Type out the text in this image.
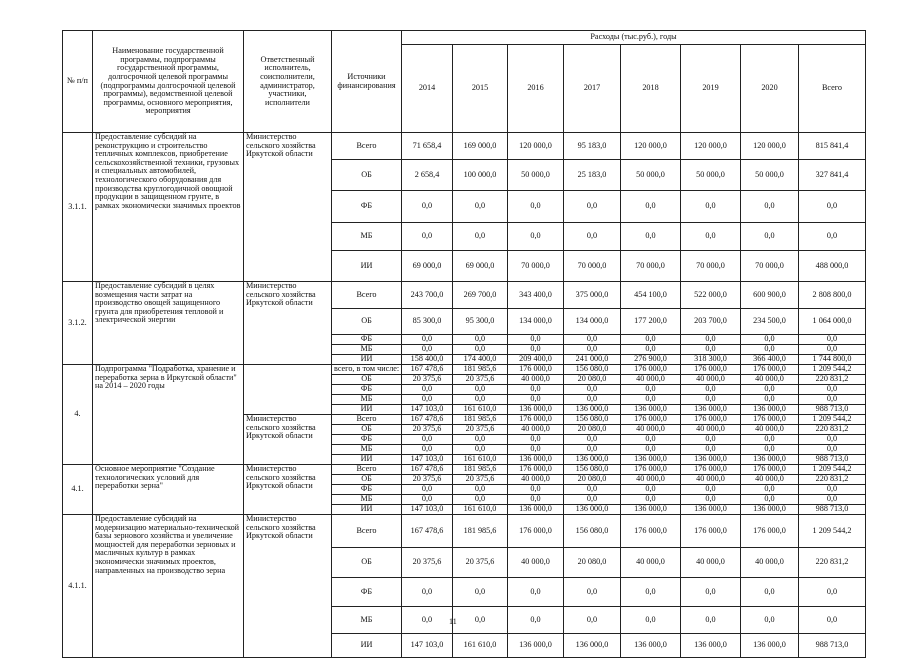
№ п/п	Наименование государственной программы, подпрограммы государственной программы, долгосрочной целевой программы (подпрограммы долгосрочной целевой программы), ведомственной целевой программы, основного мероприятия, мероприятия	Ответственный исполнитель, соисполнители, администратор, участники, исполнители	Источники финансирования	Расходы (тыс.руб.), годы							
				2014	2015	2016	2017	2018	2019	2020	Всего
3.1.1.	Предоставление субсидий на реконструкцию и строительство тепличных комплексов, приобретение сельскохозяйственной техники, грузовых и специальных автомобилей, технологического оборудования для производства круглогодичной овощной продукции в защищенном грунте, в рамках экономически значимых проектов	Министерство сельского хозяйства Иркутской области	Всего	71 658,4	169 000,0	120 000,0	95 183,0	120 000,0	120 000,0	120 000,0	815 841,4
			ОБ	2 658,4	100 000,0	50 000,0	25 183,0	50 000,0	50 000,0	50 000,0	327 841,4
			ФБ	0,0	0,0	0,0	0,0	0,0	0,0	0,0	0,0
			МБ	0,0	0,0	0,0	0,0	0,0	0,0	0,0	0,0
			ИИ	69 000,0	69 000,0	70 000,0	70 000,0	70 000,0	70 000,0	70 000,0	488 000,0
3.1.2.	Предоставление субсидий в целях возмещения части затрат на производство овощей защищенного грунта для приобретения тепловой и электрической энергии	Министерство сельского хозяйства Иркутской области	Всего	243 700,0	269 700,0	343 400,0	375 000,0	454 100,0	522 000,0	600 900,0	2 808 800,0
			ОБ	85 300,0	95 300,0	134 000,0	134 000,0	177 200,0	203 700,0	234 500,0	1 064 000,0
			ФБ	0,0	0,0	0,0	0,0	0,0	0,0	0,0	0,0
			МБ	0,0	0,0	0,0	0,0	0,0	0,0	0,0	0,0
			ИИ	158 400,0	174 400,0	209 400,0	241 000,0	276 900,0	318 300,0	366 400,0	1 744 800,0
4.	Подпрограмма "Подработка, хранение и переработка зерна в Иркутской области" на 2014 – 2020 годы		всего, в том числе:	167 478,6	181 985,6	176 000,0	156 080,0	176 000,0	176 000,0	176 000,0	1 209 544,2
			ОБ	20 375,6	20 375,6	40 000,0	20 080,0	40 000,0	40 000,0	40 000,0	220 831,2
			ФБ	0,0	0,0	0,0	0,0	0,0	0,0	0,0	0,0
			МБ	0,0	0,0	0,0	0,0	0,0	0,0	0,0	0,0
			ИИ	147 103,0	161 610,0	136 000,0	136 000,0	136 000,0	136 000,0	136 000,0	988 713,0
		Министерство сельского хозяйства Иркутской области	Всего	167 478,6	181 985,6	176 000,0	156 080,0	176 000,0	176 000,0	176 000,0	1 209 544,2
			ОБ	20 375,6	20 375,6	40 000,0	20 080,0	40 000,0	40 000,0	40 000,0	220 831,2
			ФБ	0,0	0,0	0,0	0,0	0,0	0,0	0,0	0,0
			МБ	0,0	0,0	0,0	0,0	0,0	0,0	0,0	0,0
			ИИ	147 103,0	161 610,0	136 000,0	136 000,0	136 000,0	136 000,0	136 000,0	988 713,0
4.1.	Основное мероприятие "Создание технологических условий для переработки зерна"	Министерство сельского хозяйства Иркутской области	Всего	167 478,6	181 985,6	176 000,0	156 080,0	176 000,0	176 000,0	176 000,0	1 209 544,2
			ОБ	20 375,6	20 375,6	40 000,0	20 080,0	40 000,0	40 000,0	40 000,0	220 831,2
			ФБ	0,0	0,0	0,0	0,0	0,0	0,0	0,0	0,0
			МБ	0,0	0,0	0,0	0,0	0,0	0,0	0,0	0,0
			ИИ	147 103,0	161 610,0	136 000,0	136 000,0	136 000,0	136 000,0	136 000,0	988 713,0
4.1.1.	Предоставление субсидий на модернизацию материально-технической базы зернового хозяйства и увеличение мощностей для переработки зерновых и масличных культур в рамках экономически значимых проектов, направленных на производство зерна	Министерство сельского хозяйства Иркутской области	Всего	167 478,6	181 985,6	176 000,0	156 080,0	176 000,0	176 000,0	176 000,0	1 209 544,2
			ОБ	20 375,6	20 375,6	40 000,0	20 080,0	40 000,0	40 000,0	40 000,0	220 831,2
			ФБ	0,0	0,0	0,0	0,0	0,0	0,0	0,0	0,0
			МБ	0,0	0,0	0,0	0,0	0,0	0,0	0,0	0,0
			ИИ	147 103,0	161 610,0	136 000,0	136 000,0	136 000,0	136 000,0	136 000,0	988 713,0
11
